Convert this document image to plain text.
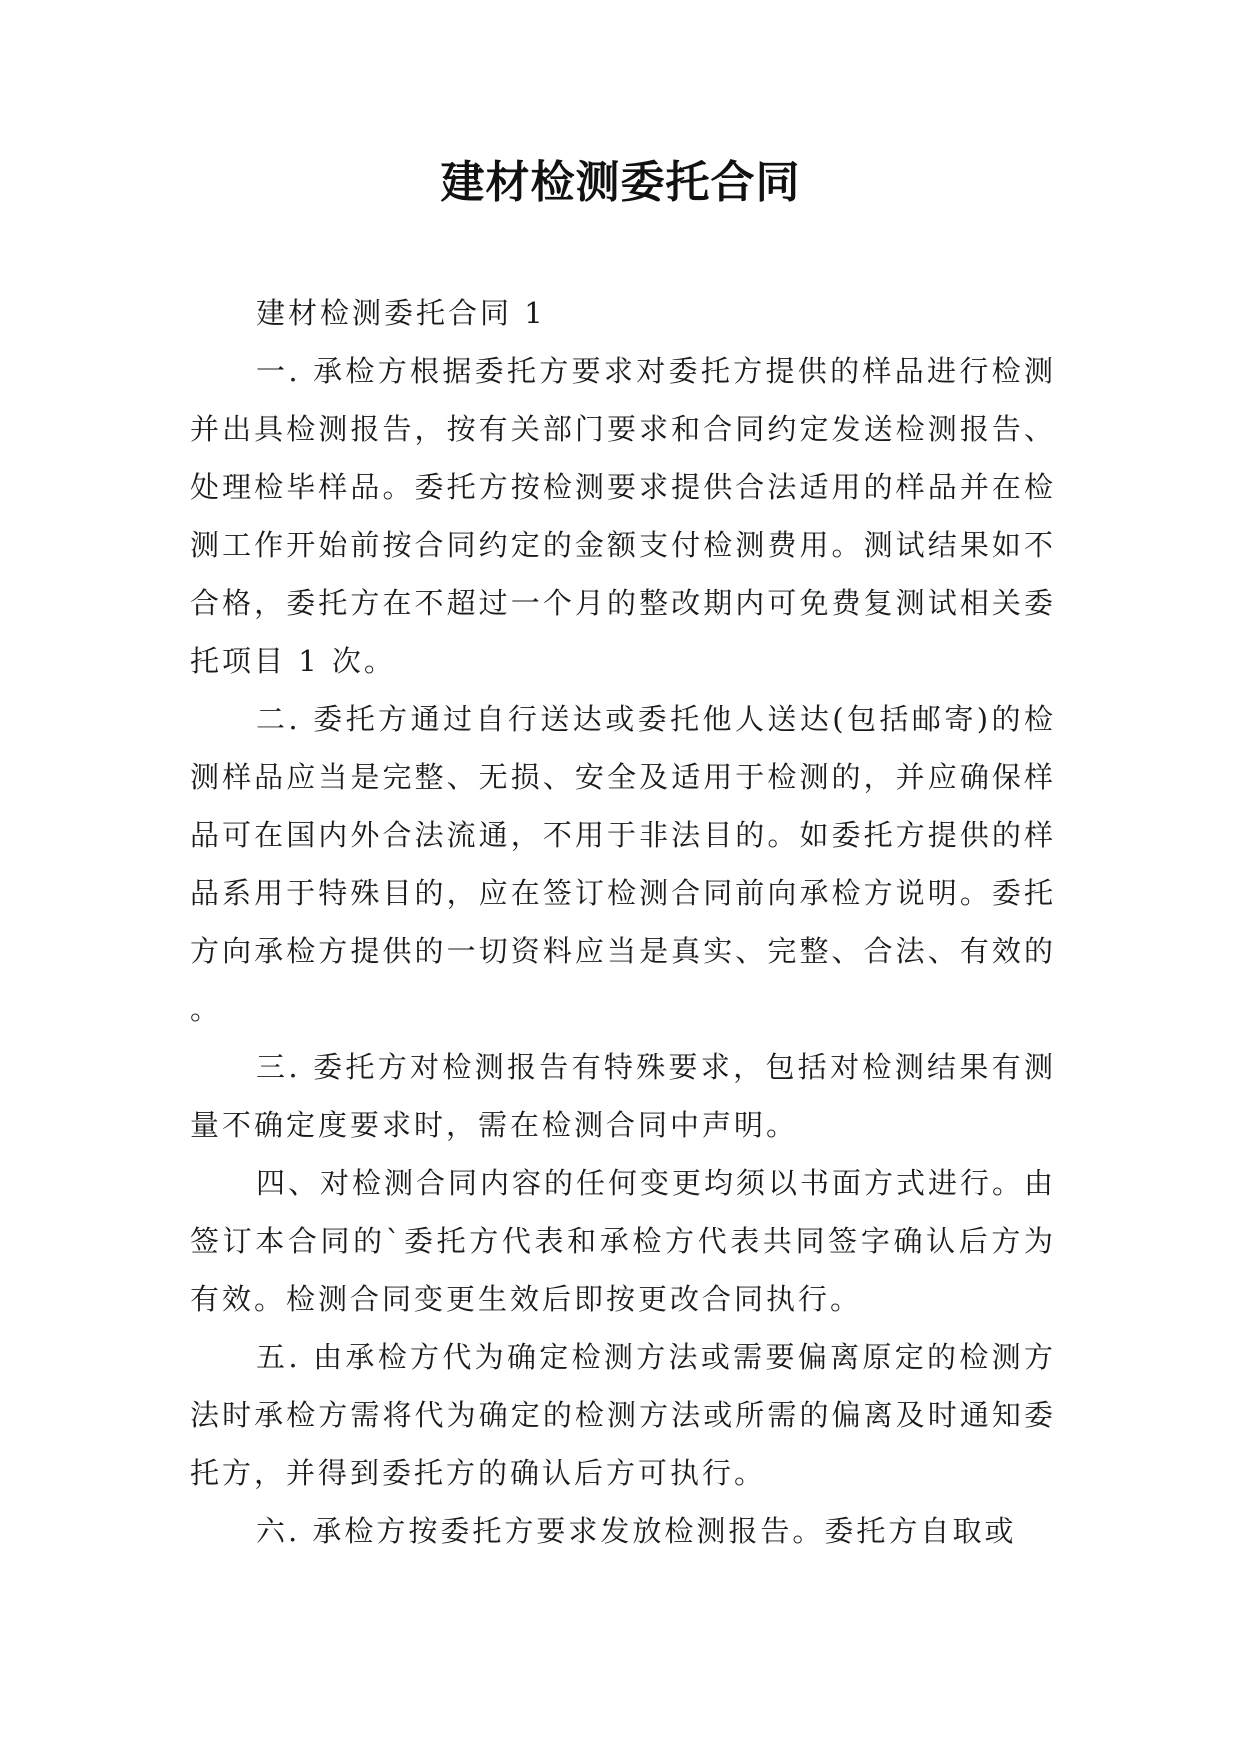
建材检测委托合同

建材检测委托合同 1

一. 承检方根据委托方要求对委托方提供的样品进行检测并出具检测报告，按有关部门要求和合同约定发送检测报告、处理检毕样品。委托方按检测要求提供合法适用的样品并在检测工作开始前按合同约定的金额支付检测费用。测试结果如不合格，委托方在不超过一个月的整改期内可免费复测试相关委托项目 1 次。

二. 委托方通过自行送达或委托他人送达(包括邮寄)的检测样品应当是完整、无损、安全及适用于检测的，并应确保样品可在国内外合法流通，不用于非法目的。如委托方提供的样品系用于特殊目的，应在签订检测合同前向承检方说明。委托方向承检方提供的一切资料应当是真实、完整、合法、有效的。

三. 委托方对检测报告有特殊要求，包括对检测结果有测量不确定度要求时，需在检测合同中声明。

四、对检测合同内容的任何变更均须以书面方式进行。由签订本合同的`委托方代表和承检方代表共同签字确认后方为有效。检测合同变更生效后即按更改合同执行。

五. 由承检方代为确定检测方法或需要偏离原定的检测方法时承检方需将代为确定的检测方法或所需的偏离及时通知委托方，并得到委托方的确认后方可执行。

六. 承检方按委托方要求发放检测报告。委托方自取或
